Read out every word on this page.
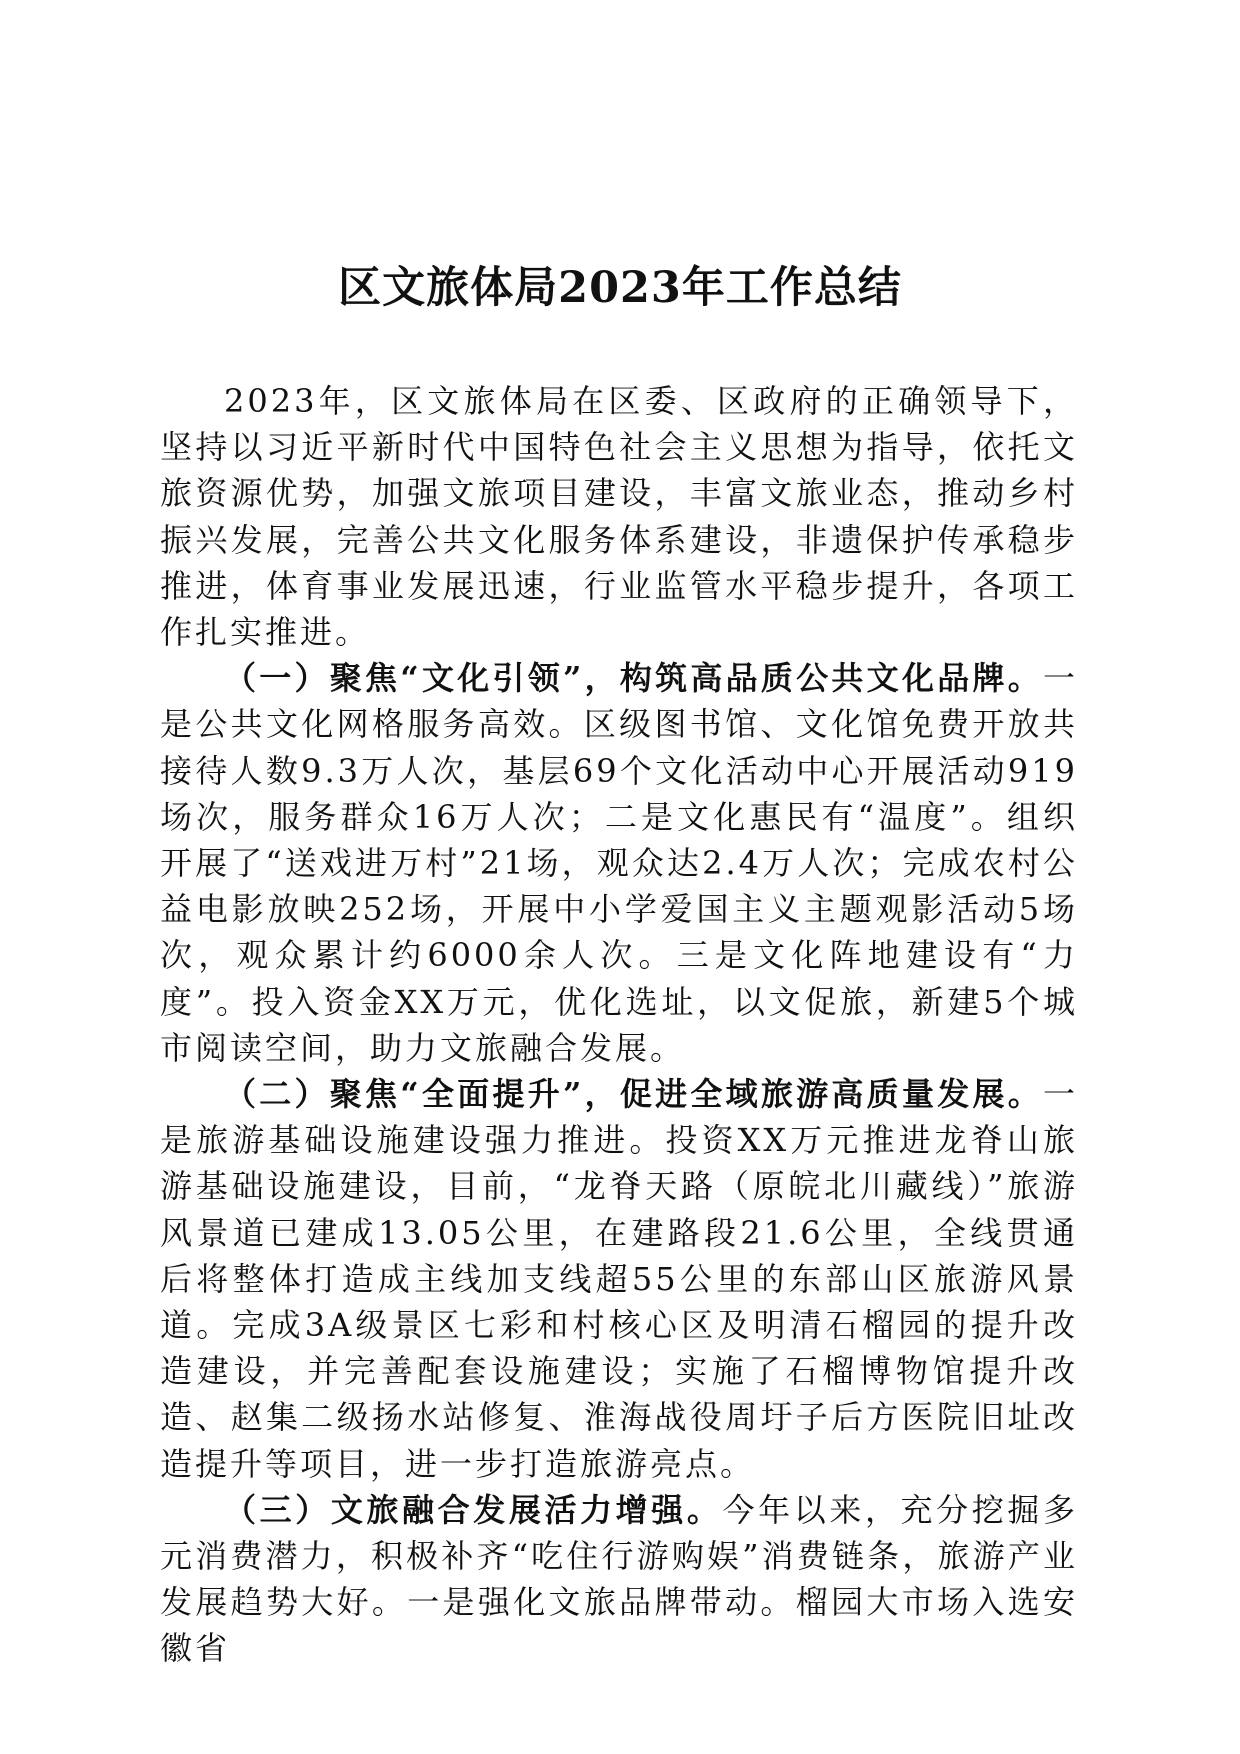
区文旅体局2023年工作总结

2023年，区文旅体局在区委、区政府的正确领导下，坚持以习近平新时代中国特色社会主义思想为指导，依托文旅资源优势，加强文旅项目建设，丰富文旅业态，推动乡村振兴发展，完善公共文化服务体系建设，非遗保护传承稳步推进，体育事业发展迅速，行业监管水平稳步提升，各项工作扎实推进。

（一）聚焦“文化引领”，构筑高品质公共文化品牌。一是公共文化网格服务高效。区级图书馆、文化馆免费开放共接待人数9.3万人次，基层69个文化活动中心开展活动919场次，服务群众16万人次；二是文化惠民有“温度”。组织开展了“送戏进万村”21场，观众达2.4万人次；完成农村公益电影放映252场，开展中小学爱国主义主题观影活动5场次，观众累计约6000余人次。三是文化阵地建设有“力度”。投入资金XX万元，优化选址，以文促旅，新建5个城市阅读空间，助力文旅融合发展。

（二）聚焦“全面提升”，促进全域旅游高质量发展。一是旅游基础设施建设强力推进。投资XX万元推进龙脊山旅游基础设施建设，目前，“龙脊天路（原皖北川藏线）”旅游风景道已建成13.05公里，在建路段21.6公里，全线贯通后将整体打造成主线加支线超55公里的东部山区旅游风景道。完成3A级景区七彩和村核心区及明清石榴园的提升改造建设，并完善配套设施建设；实施了石榴博物馆提升改造、赵集二级扬水站修复、淮海战役周圩子后方医院旧址改造提升等项目，进一步打造旅游亮点。

（三）文旅融合发展活力增强。今年以来，充分挖掘多元消费潜力，积极补齐“吃住行游购娱”消费链条，旅游产业发展趋势大好。一是强化文旅品牌带动。榴园大市场入选安徽省
